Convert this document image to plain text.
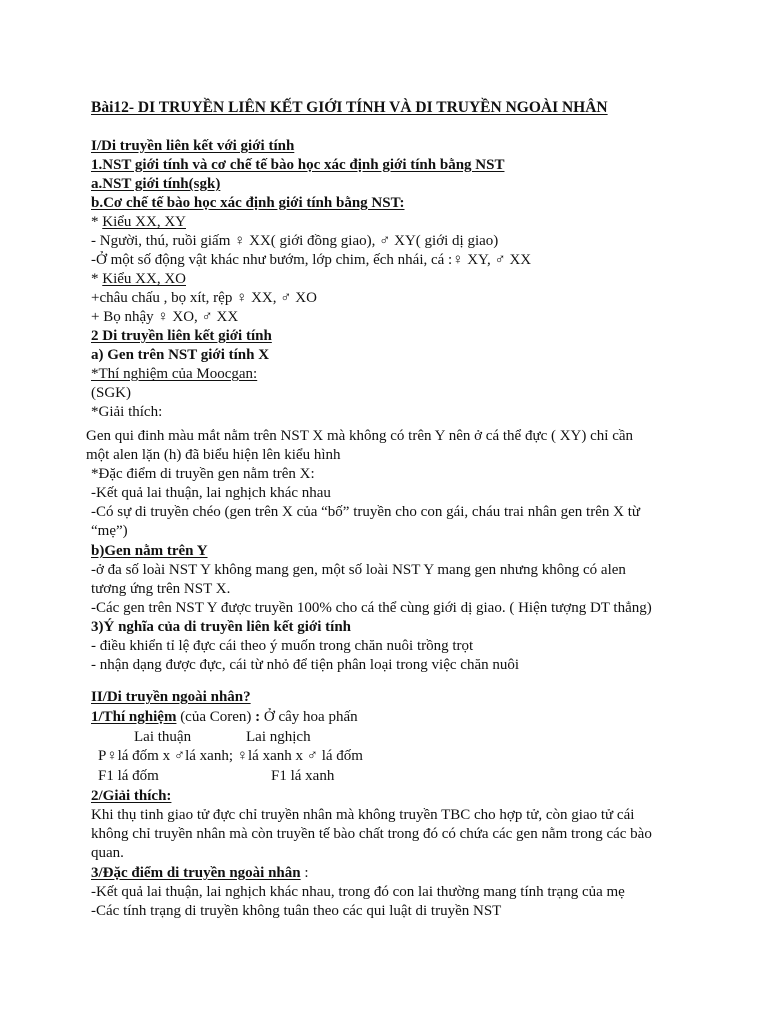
Bài12- DI TRUYỀN LIÊN KẾT GIỚI TÍNH VÀ DI TRUYỀN NGOÀI NHÂN
I/Di truyền liên kết với giới tính
1.NST giới tính và cơ chế tế bào học xác định giới tính bằng NST
a.NST giới tính(sgk)
b.Cơ chế tế bào học xác định giới tính bằng NST:
* Kiểu XX, XY
- Người, thú, ruồi giấm ♀ XX( giới đồng giao), ♂ XY( giới dị giao)
-Ở một số động vật khác như bướm, lớp chim, ếch nhái, cá :♀ XY, ♂ XX
* Kiểu XX, XO
+châu chấu , bọ xít, rệp ♀ XX, ♂ XO
+ Bọ nhậy ♀ XO, ♂ XX
2 Di truyền liên kết giới tính
a) Gen trên NST giới tính X
*Thí nghiệm của Moocgan:
(SGK)
*Giải thích:
Gen qui đinh màu mắt nằm trên NST X mà không có trên Y nên ở cá thể đực ( XY) chỉ cần
một alen lặn (h) đã biểu hiện lên kiểu hình
*Đặc điểm di truyền gen nằm trên X:
-Kết quả lai thuận, lai nghịch khác nhau
-Có sự di truyền chéo (gen trên X của “bố” truyền cho con gái, cháu trai nhân gen trên X từ
“mẹ”)
b)Gen nằm trên Y
-ở đa số loài NST Y không mang gen, một số loài NST Y mang gen nhưng không có alen
tương ứng trên NST X.
-Các gen trên NST Y được truyền 100% cho cá thể cùng giới dị giao. ( Hiện tượng DT thẳng)
3)Ý nghĩa của di truyền liên kết giới tính
- điều khiển tỉ lệ đực cái theo ý muốn trong chăn nuôi trồng trọt
- nhận dạng được đực, cái từ nhỏ để tiện phân loại trong việc chăn nuôi
II/Di truyền ngoài nhân?
1/Thí nghiệm (của Coren) : Ở cây hoa phấn
Lai thuận	Lai nghịch
P♀lá đốm x ♂lá xanh; ♀lá xanh x ♂ lá đốm
F1 lá đốm	F1 lá xanh
2/Giải thích:
Khi thụ tinh giao tử đực chỉ truyền nhân mà không truyền TBC cho hợp tử, còn giao tử cái
không chỉ truyền nhân mà còn truyền tế bào chất trong đó có chứa các gen nằm trong các bào
quan.
3/Đặc điểm di truyền ngoài nhân :
-Kết quả lai thuận, lai nghịch khác nhau, trong đó con lai thường mang tính trạng của mẹ
-Các tính trạng di truyền không tuân theo các qui luật di truyền NST
